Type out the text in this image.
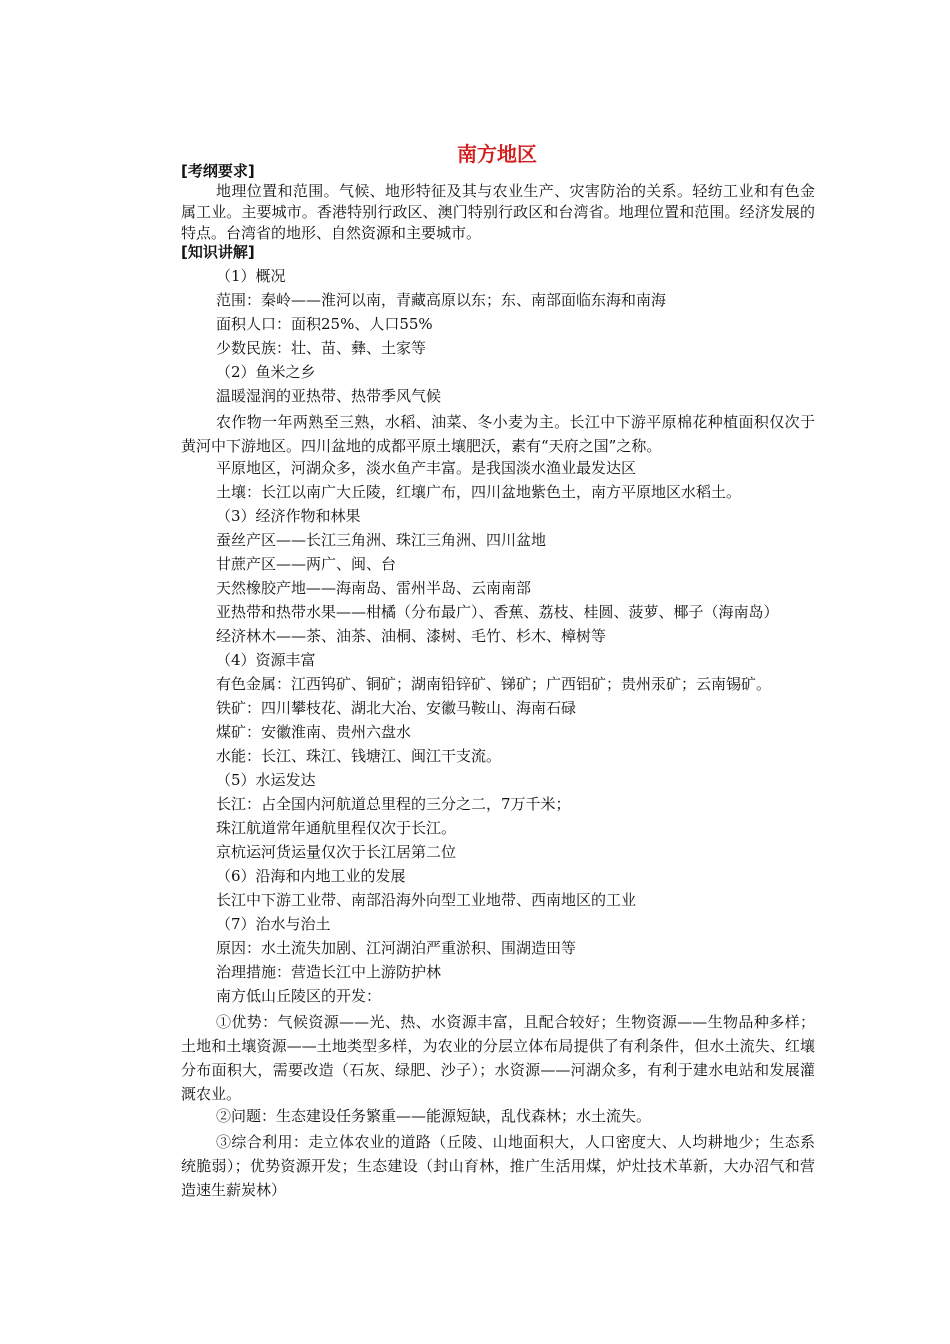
南方地区
[考纲要求]

地理位置和范围。气候、地形特征及其与农业生产、灾害防治的关系。轻纺工业和有色金属工业。主要城市。香港特别行政区、澳门特别行政区和台湾省。地理位置和范围。经济发展的特点。台湾省的地形、自然资源和主要城市。

[知识讲解]
（1）概况
范围：秦岭——淮河以南，青藏高原以东；东、南部面临东海和南海
面积人口：面积25%、人口55%
少数民族：壮、苗、彝、土家等
（2）鱼米之乡
温暖湿润的亚热带、热带季风气候

农作物一年两熟至三熟，水稻、油菜、冬小麦为主。长江中下游平原棉花种植面积仅次于黄河中下游地区。四川盆地的成都平原土壤肥沃，素有“天府之国”之称。

平原地区，河湖众多，淡水鱼产丰富。是我国淡水渔业最发达区
土壤：长江以南广大丘陵，红壤广布，四川盆地紫色土，南方平原地区水稻土。
（3）经济作物和林果
蚕丝产区——长江三角洲、珠江三角洲、四川盆地
甘蔗产区——两广、闽、台
天然橡胶产地——海南岛、雷州半岛、云南南部
亚热带和热带水果——柑橘（分布最广）、香蕉、荔枝、桂圆、菠萝、椰子（海南岛）
经济林木——茶、油茶、油桐、漆树、毛竹、杉木、樟树等
（4）资源丰富
有色金属：江西钨矿、铜矿；湖南铅锌矿、锑矿；广西铝矿；贵州汞矿；云南锡矿。
铁矿：四川攀枝花、湖北大冶、安徽马鞍山、海南石碌
煤矿：安徽淮南、贵州六盘水
水能：长江、珠江、钱塘江、闽江干支流。
（5）水运发达
长江：占全国内河航道总里程的三分之二，7万千米；
珠江航道常年通航里程仅次于长江。
京杭运河货运量仅次于长江居第二位
（6）沿海和内地工业的发展
长江中下游工业带、南部沿海外向型工业地带、西南地区的工业
（7）治水与治土
原因：水土流失加剧、江河湖泊严重淤积、围湖造田等
治理措施：营造长江中上游防护林
南方低山丘陵区的开发：

①优势：气候资源——光、热、水资源丰富，且配合较好；生物资源——生物品种多样；土地和土壤资源——土地类型多样，为农业的分层立体布局提供了有利条件，但水土流失、红壤分布面积大，需要改造（石灰、绿肥、沙子）；水资源——河湖众多，有利于建水电站和发展灌溉农业。

②问题：生态建设任务繁重——能源短缺，乱伐森林；水土流失。

③综合利用：走立体农业的道路（丘陵、山地面积大，人口密度大、人均耕地少；生态系统脆弱）；优势资源开发；生态建设（封山育林，推广生活用煤，炉灶技术革新，大办沼气和营造速生薪炭林）
